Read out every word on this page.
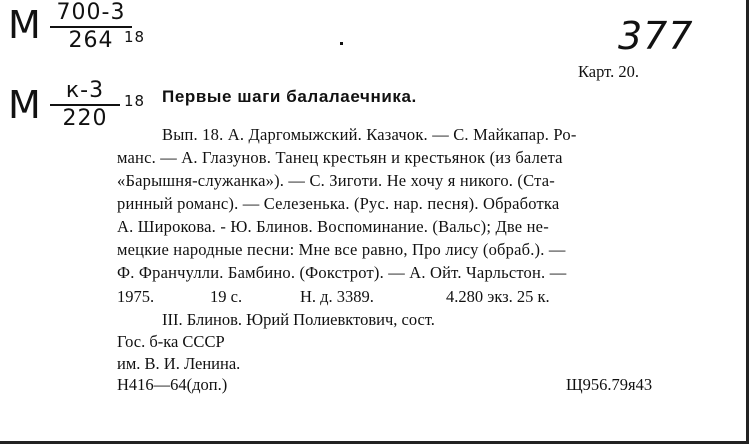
М 700-3
264 18
М	к-3
220
18
377
Карт. 20.
Первые шаги балалаечника.
Вып. 18. А. Даргомыжский. Казачок. — С. Майкапар. Ро-
манс. — А. Глазунов. Танец крестьян и крестьянок (из балета
«Барышня-служанка»). — С. Зиготи. Не хочу я никого. (Ста-
ринный романс). — Селезенька. (Рус. нар. песня). Обработка
А. Широкова. - Ю. Блинов. Воспоминание. (Вальс); Две не-
мецкие народные песни: Мне все равно, Про лису (обраб.). —
Ф. Франчулли. Бамбино. (Фокстрот). — А. Ойт. Чарльстон. —
1975.	19 с.	Н. д. 3389.	4.280 экз. 25 к.
III. Блинов. Юрий Полиевктович, сост.
Гос. б-ка СССР
им. В. И. Ленина.
Н416—64(доп.)	Щ956.79я43
